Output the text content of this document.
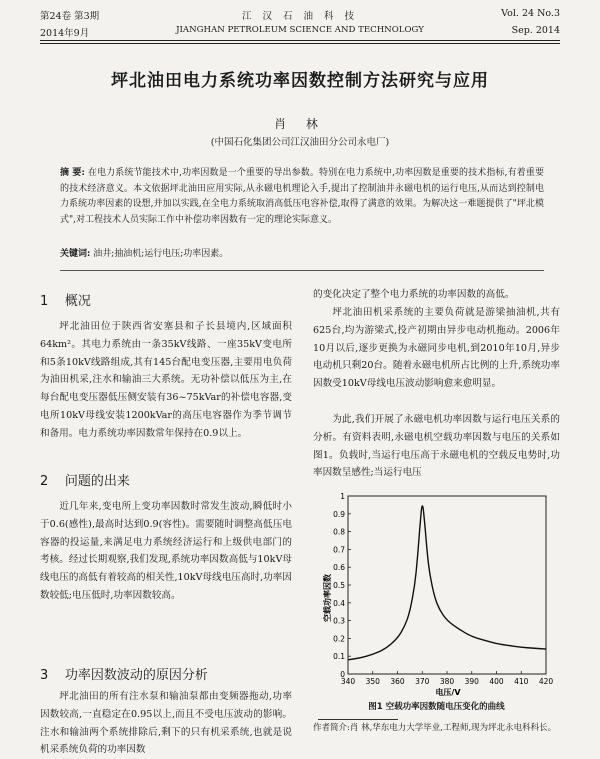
第24卷 第3期
2014年9月
江 汉 石 油 科 技
JIANGHAN PETROLEUM SCIENCE AND TECHNOLOGY
Vol. 24 No.3
Sep. 2014
坪北油田电力系统功率因数控制方法研究与应用
肖 林
(中国石化集团公司江汉油田分公司永电厂)
摘 要: 在电力系统节能技术中,功率因数是一个重要的导出参数。特别在电力系统中,功率因数是重要的技术指标,有着重要的技术经济意义。本文依据坪北油田应用实际,从永磁电机理论入手,提出了控制油井永磁电机的运行电压,从而达到控制电力系统功率因素的设想,并加以实践,在全电力系统取消高低压电容补偿,取得了满意的效果。为解决这一难题提供了"坪北模式",对工程技术人员实际工作中补偿功率因数有一定的理论实际意义。
关键词: 油井;抽油机;运行电压;功率因素。
1 概况
坪北油田位于陕西省安塞县和子长县境内,区域面积64km²。其电力系统由一条35kV线路、一座35kV变电所和5条10kV线路组成,其有145台配电变压器,主要用电负荷为油田机采,注水和输油三大系统。无功补偿以低压为主,在每台配电变压器低压侧安装有36~75kVar的补偿电容器,变电所10kV母线安装1200kVar的高压电容器作为季节调节和备用。电力系统功率因数常年保持在0.9以上。
2 问题的出来
近几年来,变电所上变功率因数时常发生波动,瞬低时小于0.6(感性),最高时达到0.9(容性)。需要随时调整高低压电容器的投运量,来满足电力系统经济运行和上级供电部门的考核。经过长期观察,我们发现,系统功率因数高低与10kV母线电压的高低有着较高的相关性,10kV母线电压高时,功率因数较低;电压低时,功率因数较高。
3 功率因数波动的原因分析
坪北油田的所有注水泵和输油泵都由变频器拖动,功率因数较高,一直稳定在0.95以上,而且不受电压波动的影响。注水和输油两个系统排除后,剩下的只有机采系统,也就是说机采系统负荷的功率因数
的变化决定了整个电力系统的功率因数的高低。
坪北油田机采系统的主要负荷就是游梁抽油机,共有625台,均为游梁式,投产初期由异步电动机拖动。2006年10月以后,逐步更换为永磁同步电机,到2010年10月,异步电动机只剩20台。随着永磁电机所占比例的上升,系统功率因数受10kV母线电压波动影响愈来愈明显。
为此,我们开展了永磁电机功率因数与运行电压关系的分析。有资料表明,永磁电机空载功率因数与电压的关系如图1。负载时,当运行电压高于永磁电机的空载反电势时,功率因数呈感性;当运行电压
0
0.1
0.2
0.3
0.4
0.5
0.6
0.7
0.8
0.9
1
340 350 360 370 380 390 400 410 420
空载功率因数
电压/V
图1 空载功率因数随电压变化的曲线
作者简介:肖 林,华东电力大学毕业,工程师,现为坪北永电科科长。
